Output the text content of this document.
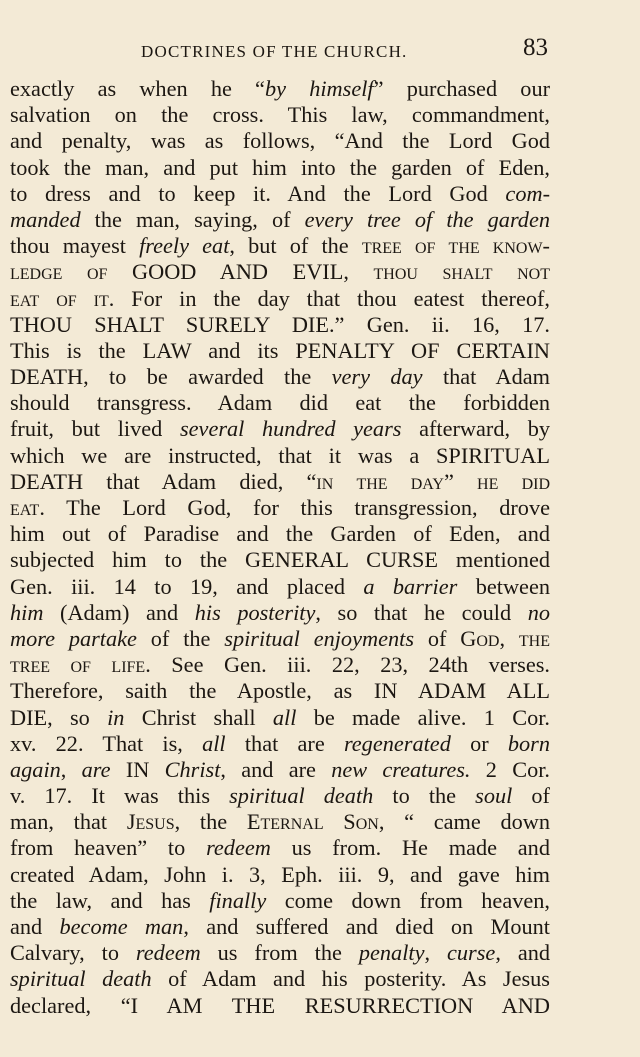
DOCTRINES OF THE CHURCH.	83
exactly as when he “by himself” purchased our
salvation on the cross. This law, commandment,
and penalty, was as follows, “And the Lord God
took the man, and put him into the garden of Eden,
to dress and to keep it. And the Lord God com-
manded the man, saying, of every tree of the garden
thou mayest freely eat, but of the tree of the know-
ledge of GOOD AND EVIL, thou shalt not
eat of it. For in the day that thou eatest thereof,
THOU SHALT SURELY DIE.” Gen. ii. 16, 17.
This is the LAW and its PENALTY OF CERTAIN
DEATH, to be awarded the very day that Adam
should transgress. Adam did eat the forbidden
fruit, but lived several hundred years afterward, by
which we are instructed, that it was a SPIRITUAL
DEATH that Adam died, “in the day” he did
eat. The Lord God, for this transgression, drove
him out of Paradise and the Garden of Eden, and
subjected him to the GENERAL CURSE mentioned
Gen. iii. 14 to 19, and placed a barrier between
him (Adam) and his posterity, so that he could no
more partake of the spiritual enjoyments of God, the
tree of life. See Gen. iii. 22, 23, 24th verses.
Therefore, saith the Apostle, as IN ADAM ALL
DIE, so in Christ shall all be made alive. 1 Cor.
xv. 22. That is, all that are regenerated or born
again, are IN Christ, and are new creatures. 2 Cor.
v. 17. It was this spiritual death to the soul of
man, that Jesus, the Eternal Son, “ came down
from heaven” to redeem us from. He made and
created Adam, John i. 3, Eph. iii. 9, and gave him
the law, and has finally come down from heaven,
and become man, and suffered and died on Mount
Calvary, to redeem us from the penalty, curse, and
spiritual death of Adam and his posterity. As Jesus
declared, “I AM THE RESURRECTION AND
